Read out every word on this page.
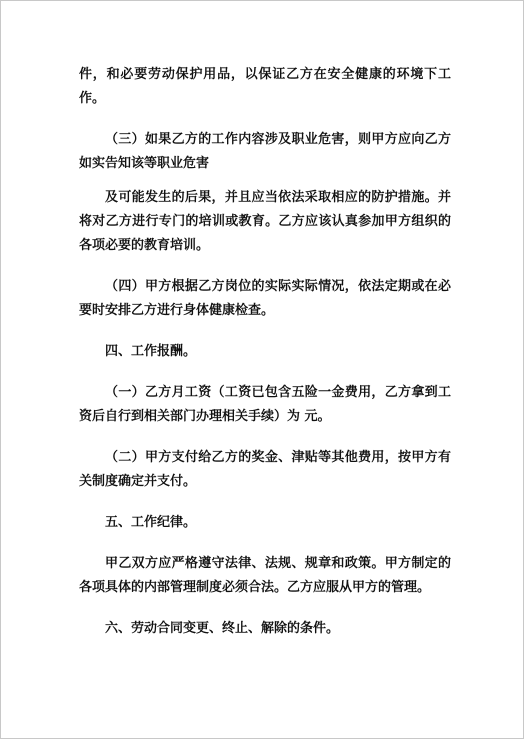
件，和必要劳动保护用品，以保证乙方在安全健康的环境下工作。

（三）如果乙方的工作内容涉及职业危害，则甲方应向乙方如实告知该等职业危害

及可能发生的后果，并且应当依法采取相应的防护措施。并将对乙方进行专门的培训或教育。乙方应该认真参加甲方组织的各项必要的教育培训。

（四）甲方根据乙方岗位的实际实际情况，依法定期或在必要时安排乙方进行身体健康检查。

四、工作报酬。

（一）乙方月工资（工资已包含五险一金费用，乙方拿到工资后自行到相关部门办理相关手续）为 元。

（二）甲方支付给乙方的奖金、津贴等其他费用，按甲方有关制度确定并支付。

五、工作纪律。

甲乙双方应严格遵守法律、法规、规章和政策。甲方制定的各项具体的内部管理制度必须合法。乙方应服从甲方的管理。

六、劳动合同变更、终止、解除的条件。
